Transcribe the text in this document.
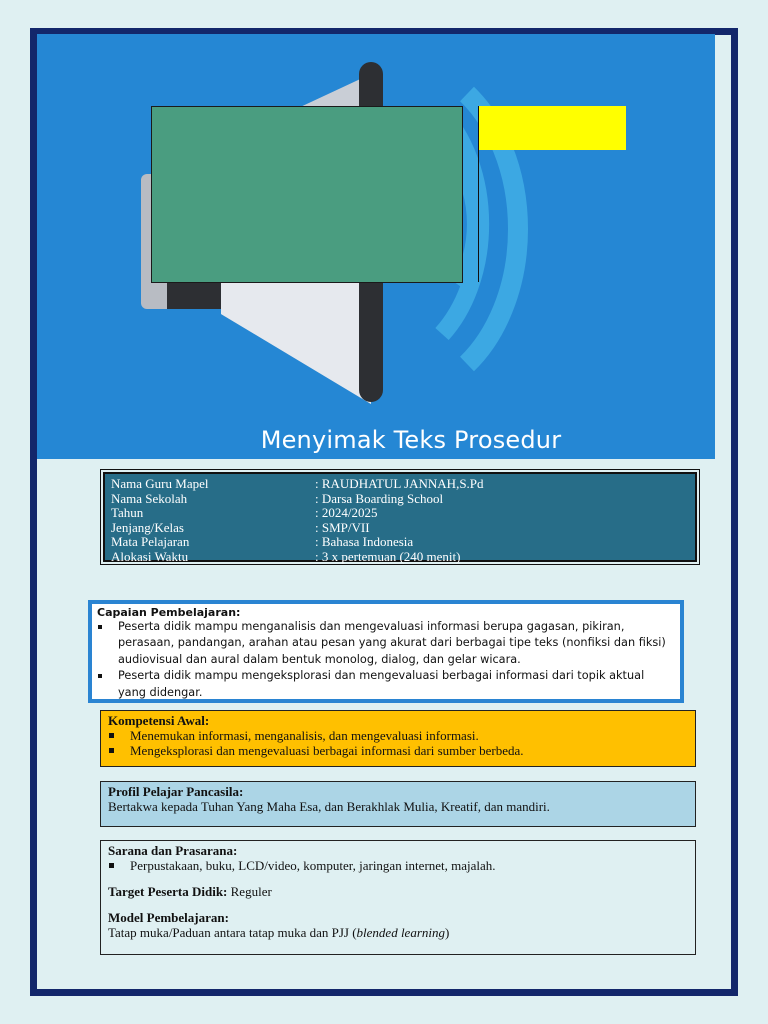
Menyimak Teks Prosedur
Nama Guru Mapel	: RAUDHATUL JANNAH,S.Pd
Nama Sekolah	: Darsa Boarding School
Tahun	: 2024/2025
Jenjang/Kelas	: SMP/VII
Mata Pelajaran	: Bahasa Indonesia
Alokasi Waktu	: 3 x pertemuan (240 menit)
Capaian Pembelajaran:
Peserta didik mampu menganalisis dan mengevaluasi informasi berupa gagasan, pikiran, perasaan, pandangan, arahan atau pesan yang akurat dari berbagai tipe teks (nonfiksi dan fiksi) audiovisual dan aural dalam bentuk monolog, dialog, dan gelar wicara.
Peserta didik mampu mengeksplorasi dan mengevaluasi berbagai informasi dari topik aktual yang didengar.
Kompetensi Awal:
Menemukan informasi, menganalisis, dan mengevaluasi informasi.
Mengeksplorasi dan mengevaluasi berbagai informasi dari sumber berbeda.
Profil Pelajar Pancasila:
Bertakwa kepada Tuhan Yang Maha Esa, dan Berakhlak Mulia, Kreatif, dan mandiri.
Sarana dan Prasarana:
Perpustakaan, buku, LCD/video, komputer, jaringan internet, majalah.
Target Peserta Didik: Reguler
Model Pembelajaran:
Tatap muka/Paduan antara tatap muka dan PJJ (blended learning)
